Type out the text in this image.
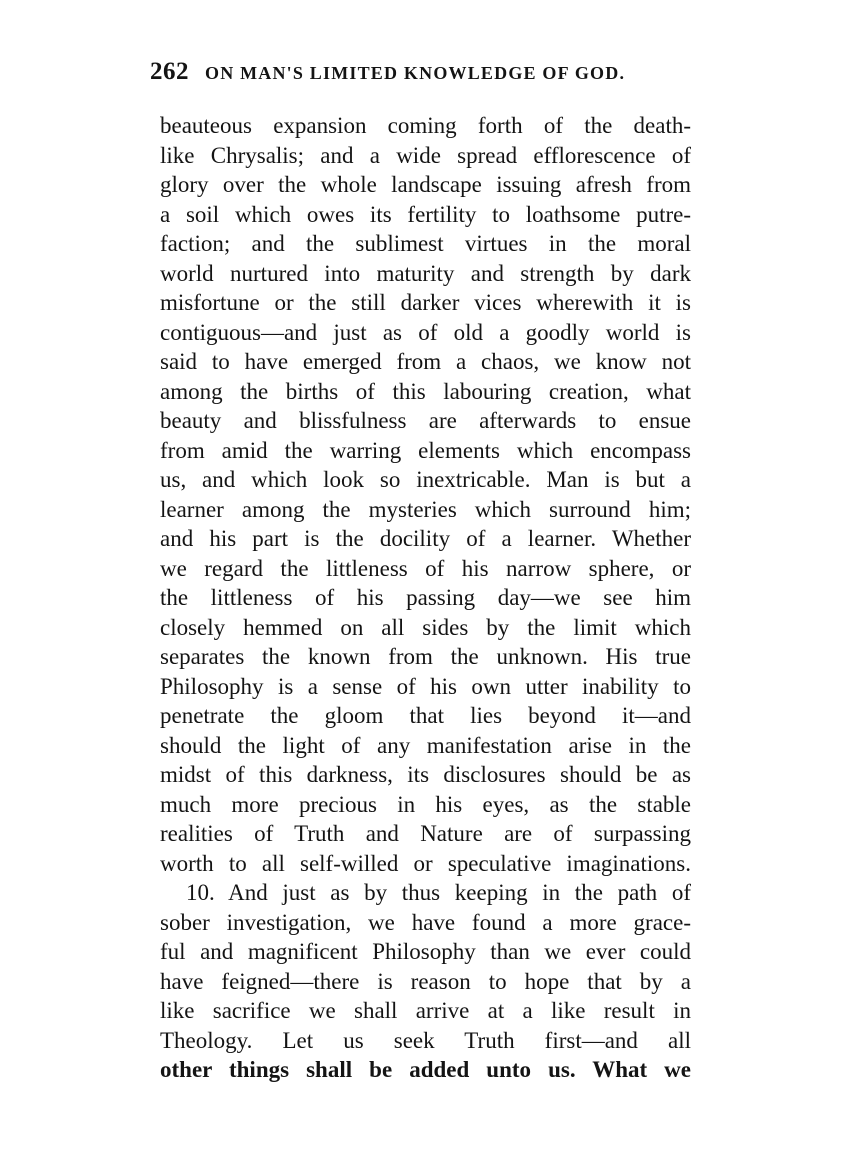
262 ON MAN'S LIMITED KNOWLEDGE OF GOD.
beauteous expansion coming forth of the death-
like Chrysalis; and a wide spread efflorescence of
glory over the whole landscape issuing afresh from
a soil which owes its fertility to loathsome putre-
faction; and the sublimest virtues in the moral
world nurtured into maturity and strength by dark
misfortune or the still darker vices wherewith it is
contiguous—and just as of old a goodly world is
said to have emerged from a chaos, we know not
among the births of this labouring creation, what
beauty and blissfulness are afterwards to ensue
from amid the warring elements which encompass
us, and which look so inextricable. Man is but a
learner among the mysteries which surround him;
and his part is the docility of a learner. Whether
we regard the littleness of his narrow sphere, or
the littleness of his passing day—we see him
closely hemmed on all sides by the limit which
separates the known from the unknown. His true
Philosophy is a sense of his own utter inability to
penetrate the gloom that lies beyond it—and
should the light of any manifestation arise in the
midst of this darkness, its disclosures should be as
much more precious in his eyes, as the stable
realities of Truth and Nature are of surpassing
worth to all self-willed or speculative imaginations.
10. And just as by thus keeping in the path of
sober investigation, we have found a more grace-
ful and magnificent Philosophy than we ever could
have feigned—there is reason to hope that by a
like sacrifice we shall arrive at a like result in
Theology. Let us seek Truth first—and all
other things shall be added unto us. What we
